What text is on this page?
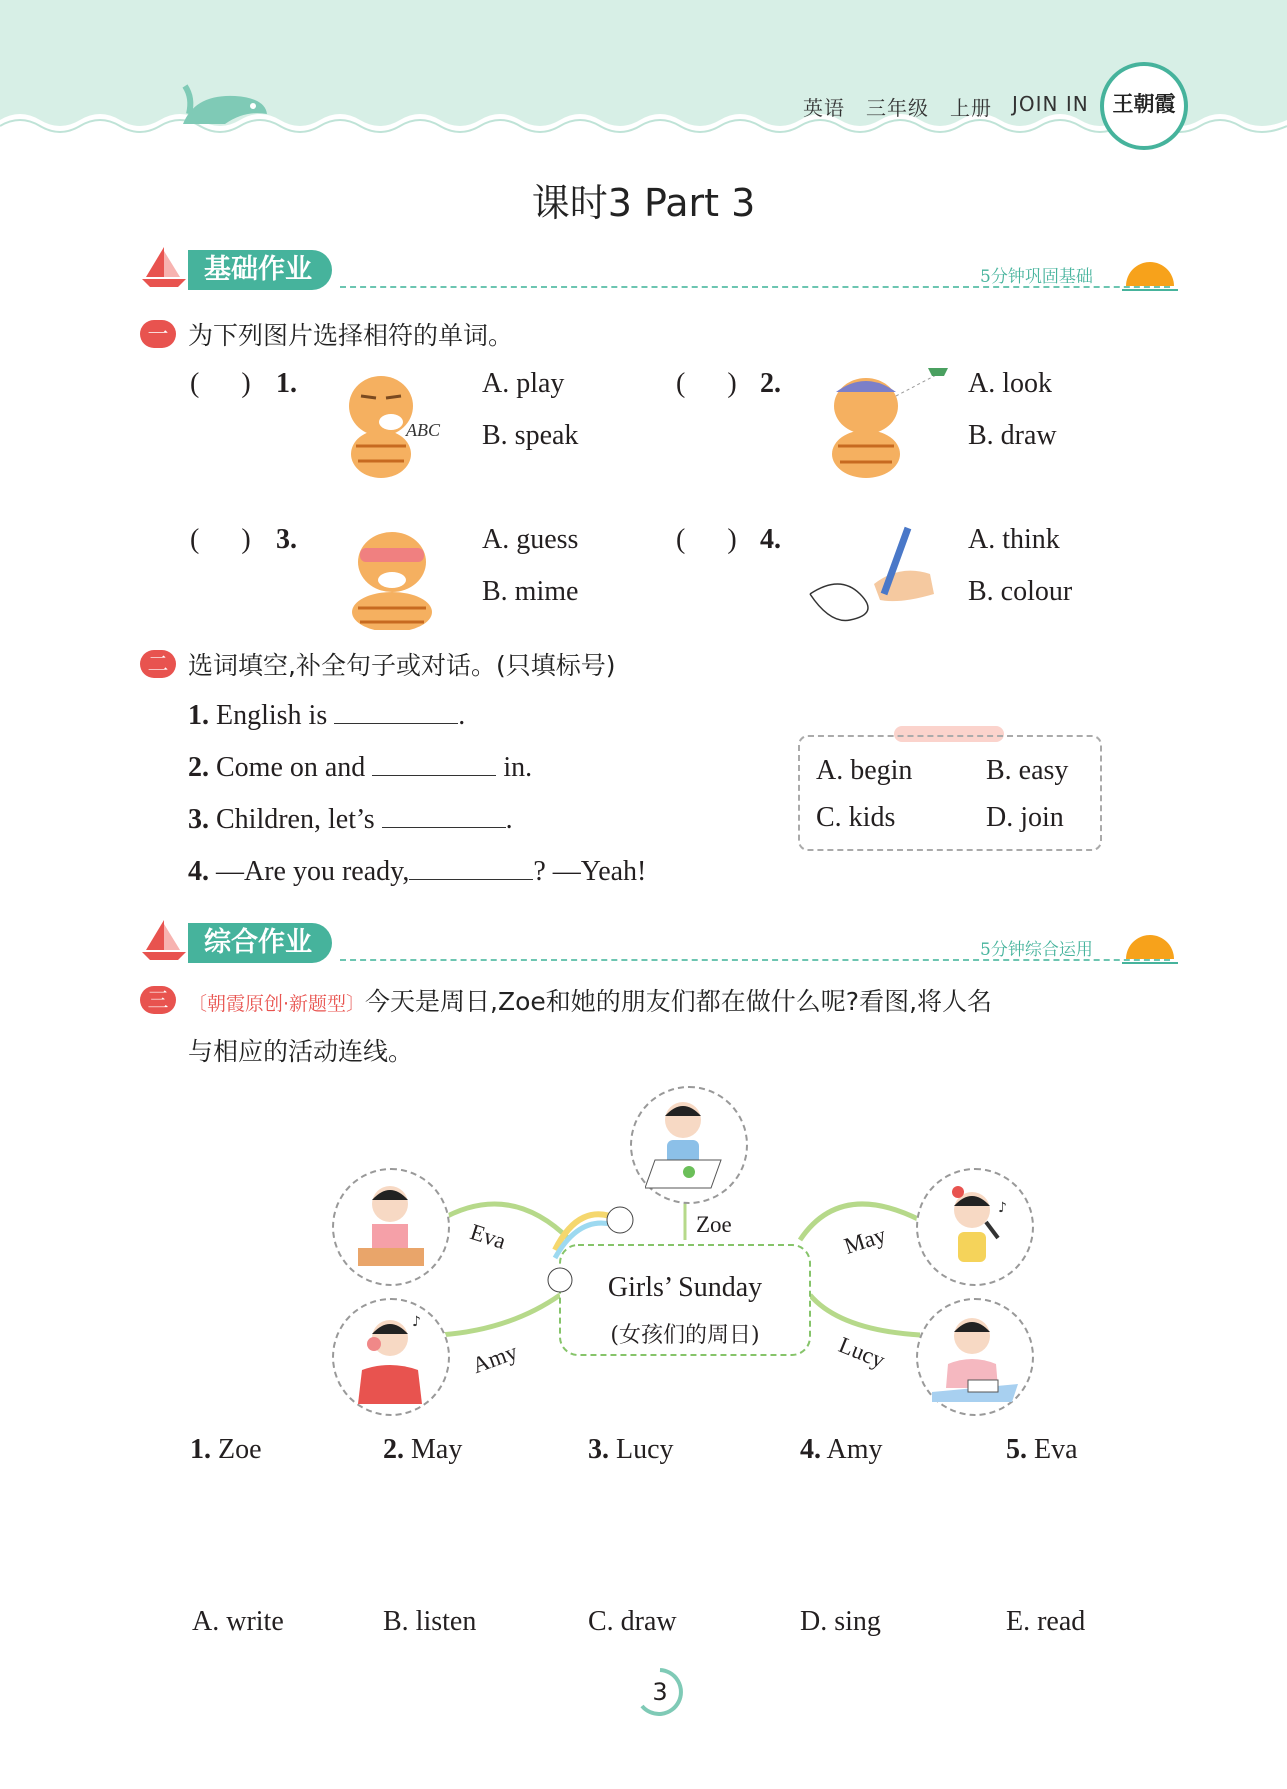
英语 三年级 上册 JOIN IN	王朝霞
课时3 Part 3
基础作业	5分钟巩固基础
一 为下列图片选择相符的单词。
(      ) 1.
ABC
A. play
B. speak
(      ) 2.	A. look
B. draw
(      ) 3.	A. guess
B. mime
(      ) 4.	A. think
B. colour
二 选词填空,补全句子或对话。(只填标号)
1. English is	.
2. Come on and	in.
3. Children, let’s	.
4. —Are you ready,	? —Yeah!
A. begin	B. easy
C. kids	D. join
综合作业	5分钟综合运用
三	〔朝霞原创·新题型〕今天是周日,Zoe和她的朋友们都在做什么呢?看图,将人名
与相应的活动连线。
Zoe
Eva
♪
Amy
♪
May
Lucy
Girls’ Sunday
(女孩们的周日)
1. Zoe	2. May	3. Lucy	4. Amy	5. Eva
A. write	B. listen	C. draw	D. sing	E. read
3
